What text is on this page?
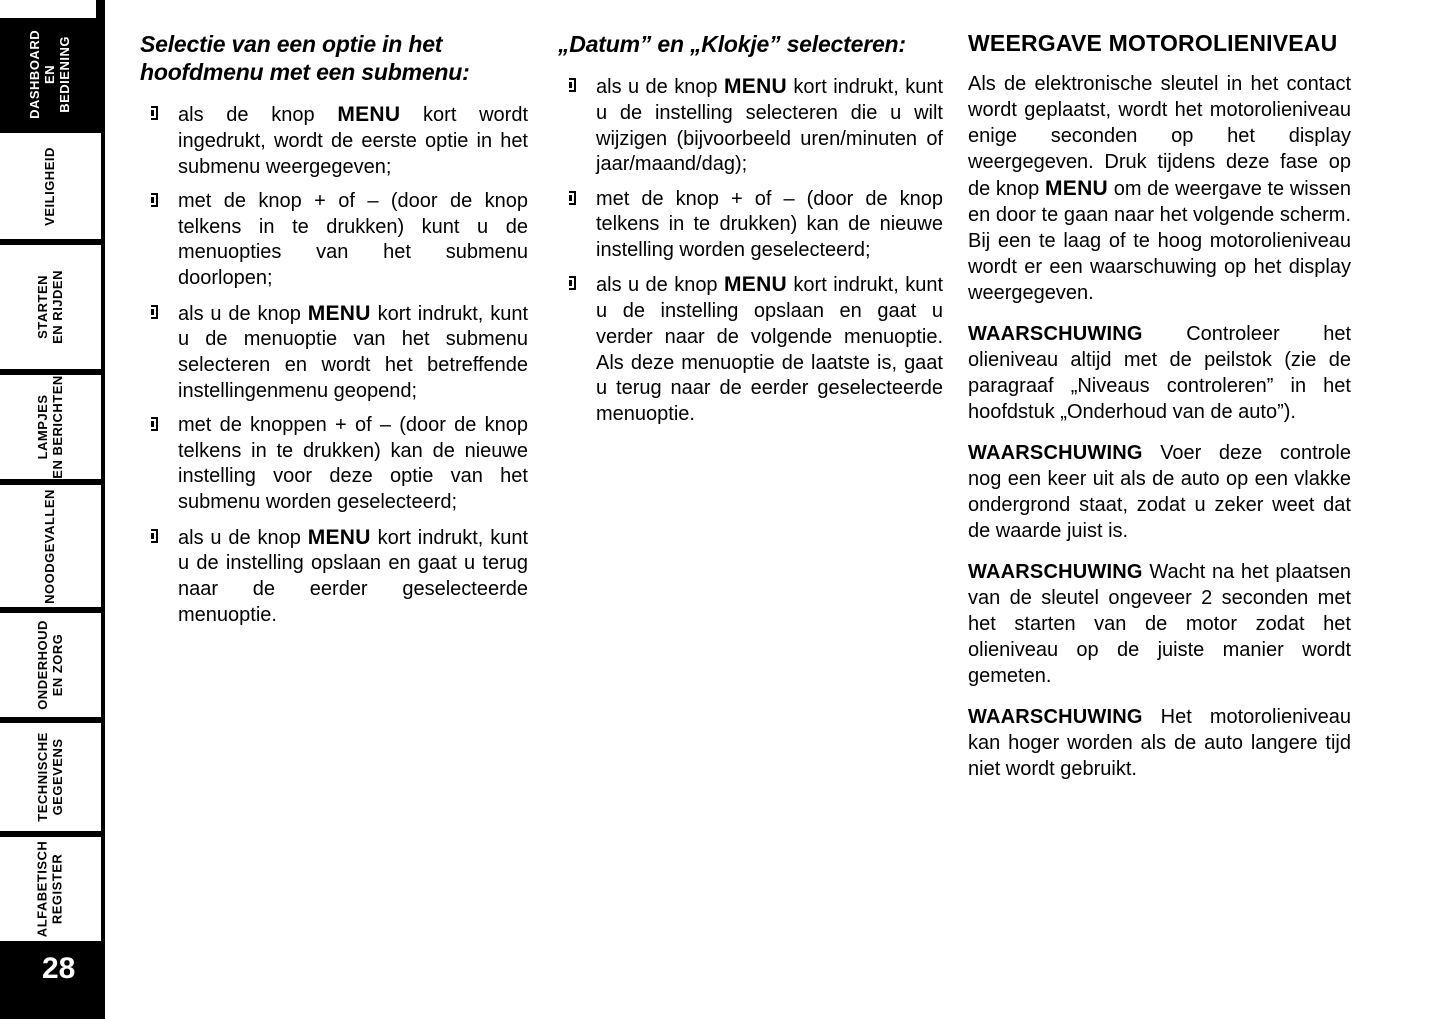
DASHBOARD
EN
BEDIENING
VEILIGHEID
STARTEN
EN RIJDEN
LAMPJES
EN BERICHTEN
NOODGEVALLEN
ONDERHOUD
EN ZORG
TECHNISCHE
GEGEVENS
ALFABETISCH
REGISTER
28
Selectie van een optie in het hoofdmenu met een submenu:
als de knop MENU kort wordt ingedrukt, wordt de eerste optie in het submenu weergegeven;
met de knop + of – (door de knop telkens in te drukken) kunt u de menuopties van het submenu doorlopen;
als u de knop MENU kort indrukt, kunt u de menuoptie van het submenu selecteren en wordt het betreffende instellingenmenu geopend;
met de knoppen + of – (door de knop telkens in te drukken) kan de nieuwe instelling voor deze optie van het submenu worden geselecteerd;
als u de knop MENU kort indrukt, kunt u de instelling opslaan en gaat u terug naar de eerder geselecteerde menuoptie.
„Datum” en „Klokje” selecteren:
als u de knop MENU kort indrukt, kunt u de instelling selecteren die u wilt wijzigen (bijvoorbeeld uren/minuten of jaar/maand/dag);
met de knop + of – (door de knop telkens in te drukken) kan de nieuwe instelling worden geselecteerd;
als u de knop MENU kort indrukt, kunt u de instelling opslaan en gaat u verder naar de volgende menuoptie. Als deze menuoptie de laatste is, gaat u terug naar de eerder geselecteerde menuoptie.
WEERGAVE MOTOROLIENIVEAU

Als de elektronische sleutel in het contact wordt geplaatst, wordt het motorolieniveau enige seconden op het display weergegeven. Druk tijdens deze fase op de knop MENU om de weergave te wissen en door te gaan naar het volgende scherm. Bij een te laag of te hoog motorolieniveau wordt er een waarschuwing op het display weergegeven.

WAARSCHUWING Controleer het olieniveau altijd met de peilstok (zie de paragraaf „Niveaus controleren” in het hoofdstuk „Onderhoud van de auto”).

WAARSCHUWING Voer deze controle nog een keer uit als de auto op een vlakke ondergrond staat, zodat u zeker weet dat de waarde juist is.

WAARSCHUWING Wacht na het plaatsen van de sleutel ongeveer 2 seconden met het starten van de motor zodat het olieniveau op de juiste manier wordt gemeten.

WAARSCHUWING Het motorolieniveau kan hoger worden als de auto langere tijd niet wordt gebruikt.
